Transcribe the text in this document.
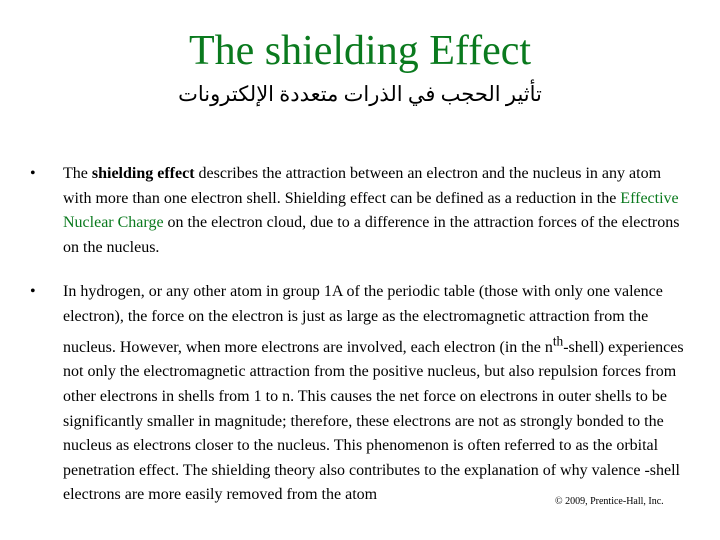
The shielding Effect
تأثير الحجب في الذرات متعددة الإلكترونات
•	The shielding effect describes the attraction between an electron and the nucleus in any atom with more than one electron shell. Shielding effect can be defined as a reduction in the Effective Nuclear Charge on the electron cloud, due to a difference in the attraction forces of the electrons on the nucleus.
•	In hydrogen, or any other atom in group 1A of the periodic table (those with only one valence electron), the force on the electron is just as large as the electromagnetic attraction from the nucleus. However, when more electrons are involved, each electron (in the $n^{th}-shell$) experiences not only the electromagnetic attraction from the positive nucleus, but also repulsion forces from other electrons in shells from 1 to n. This causes the net force on electrons in outer shells to be significantly smaller in magnitude; therefore, these electrons are not as strongly bonded to the nucleus as electrons closer to the nucleus. This phenomenon is often referred to as the orbital penetration effect. The shielding theory also contributes to the explanation of why valence -shell electrons are more easily removed from the atom	© 2009, Prentice-Hall, Inc.
